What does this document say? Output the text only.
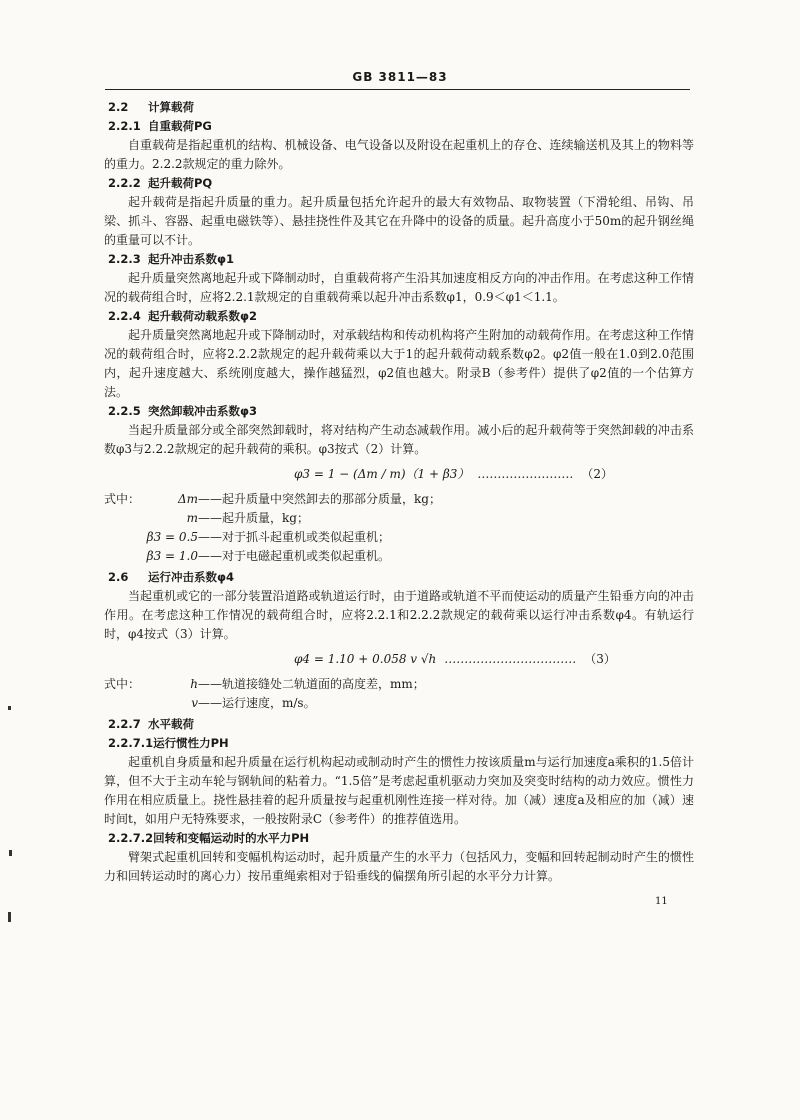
GB 3811—83

2.2 计算载荷

2.2.1 自重载荷PG

自重载荷是指起重机的结构、机械设备、电气设备以及附设在起重机上的存仓、连续输送机及其上的物料等的重力。2.2.2款规定的重力除外。

2.2.2 起升载荷PQ

起升载荷是指起升质量的重力。起升质量包括允许起升的最大有效物品、取物装置（下滑轮组、吊钩、吊梁、抓斗、容器、起重电磁铁等）、悬挂挠性件及其它在升降中的设备的质量。起升高度小于50m的起升钢丝绳的重量可以不计。

2.2.3 起升冲击系数φ1

起升质量突然离地起升或下降制动时，自重载荷将产生沿其加速度相反方向的冲击作用。在考虑这种工作情况的载荷组合时，应将2.2.1款规定的自重载荷乘以起升冲击系数φ1，0.9＜φ1＜1.1。

2.2.4 起升载荷动载系数φ2

起升质量突然离地起升或下降制动时，对承载结构和传动机构将产生附加的动载荷作用。在考虑这种工作情况的载荷组合时，应将2.2.2款规定的起升载荷乘以大于1的起升载荷动载系数φ2。φ2值一般在1.0到2.0范围内，起升速度越大、系统刚度越大，操作越猛烈，φ2值也越大。附录B（参考件）提供了φ2值的一个估算方法。

2.2.5 突然卸载冲击系数φ3

当起升质量部分或全部突然卸载时，将对结构产生动态减载作用。减小后的起升载荷等于突然卸载的冲击系数φ3与2.2.2款规定的起升载荷的乘积。φ3按式（2）计算。

φ3 = 1 − (Δm / m)（1 + β3） …………………… （2）
式中：	Δm ——起升质量中突然卸去的那部分质量，kg；
m ——起升质量，kg；
β3 = 0.5 ——对于抓斗起重机或类似起重机；
β3 = 1.0 ——对于电磁起重机或类似起重机。

2.6 运行冲击系数φ4

当起重机或它的一部分装置沿道路或轨道运行时，由于道路或轨道不平而使运动的质量产生铅垂方向的冲击作用。在考虑这种工作情况的载荷组合时，应将2.2.1和2.2.2款规定的载荷乘以运行冲击系数φ4。有轨运行时，φ4按式（3）计算。

φ4 = 1.10 + 0.058 v √h …………………………… （3）
式中：	h ——轨道接缝处二轨道面的高度差，mm；
v ——运行速度，m/s。

2.2.7 水平载荷

2.2.7.1运行惯性力PH

起重机自身质量和起升质量在运行机构起动或制动时产生的惯性力按该质量m与运行加速度a乘积的1.5倍计算，但不大于主动车轮与钢轨间的粘着力。“1.5倍”是考虑起重机驱动力突加及突变时结构的动力效应。惯性力作用在相应质量上。挠性悬挂着的起升质量按与起重机刚性连接一样对待。加（减）速度a及相应的加（减）速时间t，如用户无特殊要求，一般按附录C（参考件）的推荐值选用。

2.2.7.2回转和变幅运动时的水平力PH

臂架式起重机回转和变幅机构运动时，起升质量产生的水平力（包括风力，变幅和回转起制动时产生的惯性力和回转运动时的离心力）按吊重绳索相对于铅垂线的偏摆角所引起的水平分力计算。

11
